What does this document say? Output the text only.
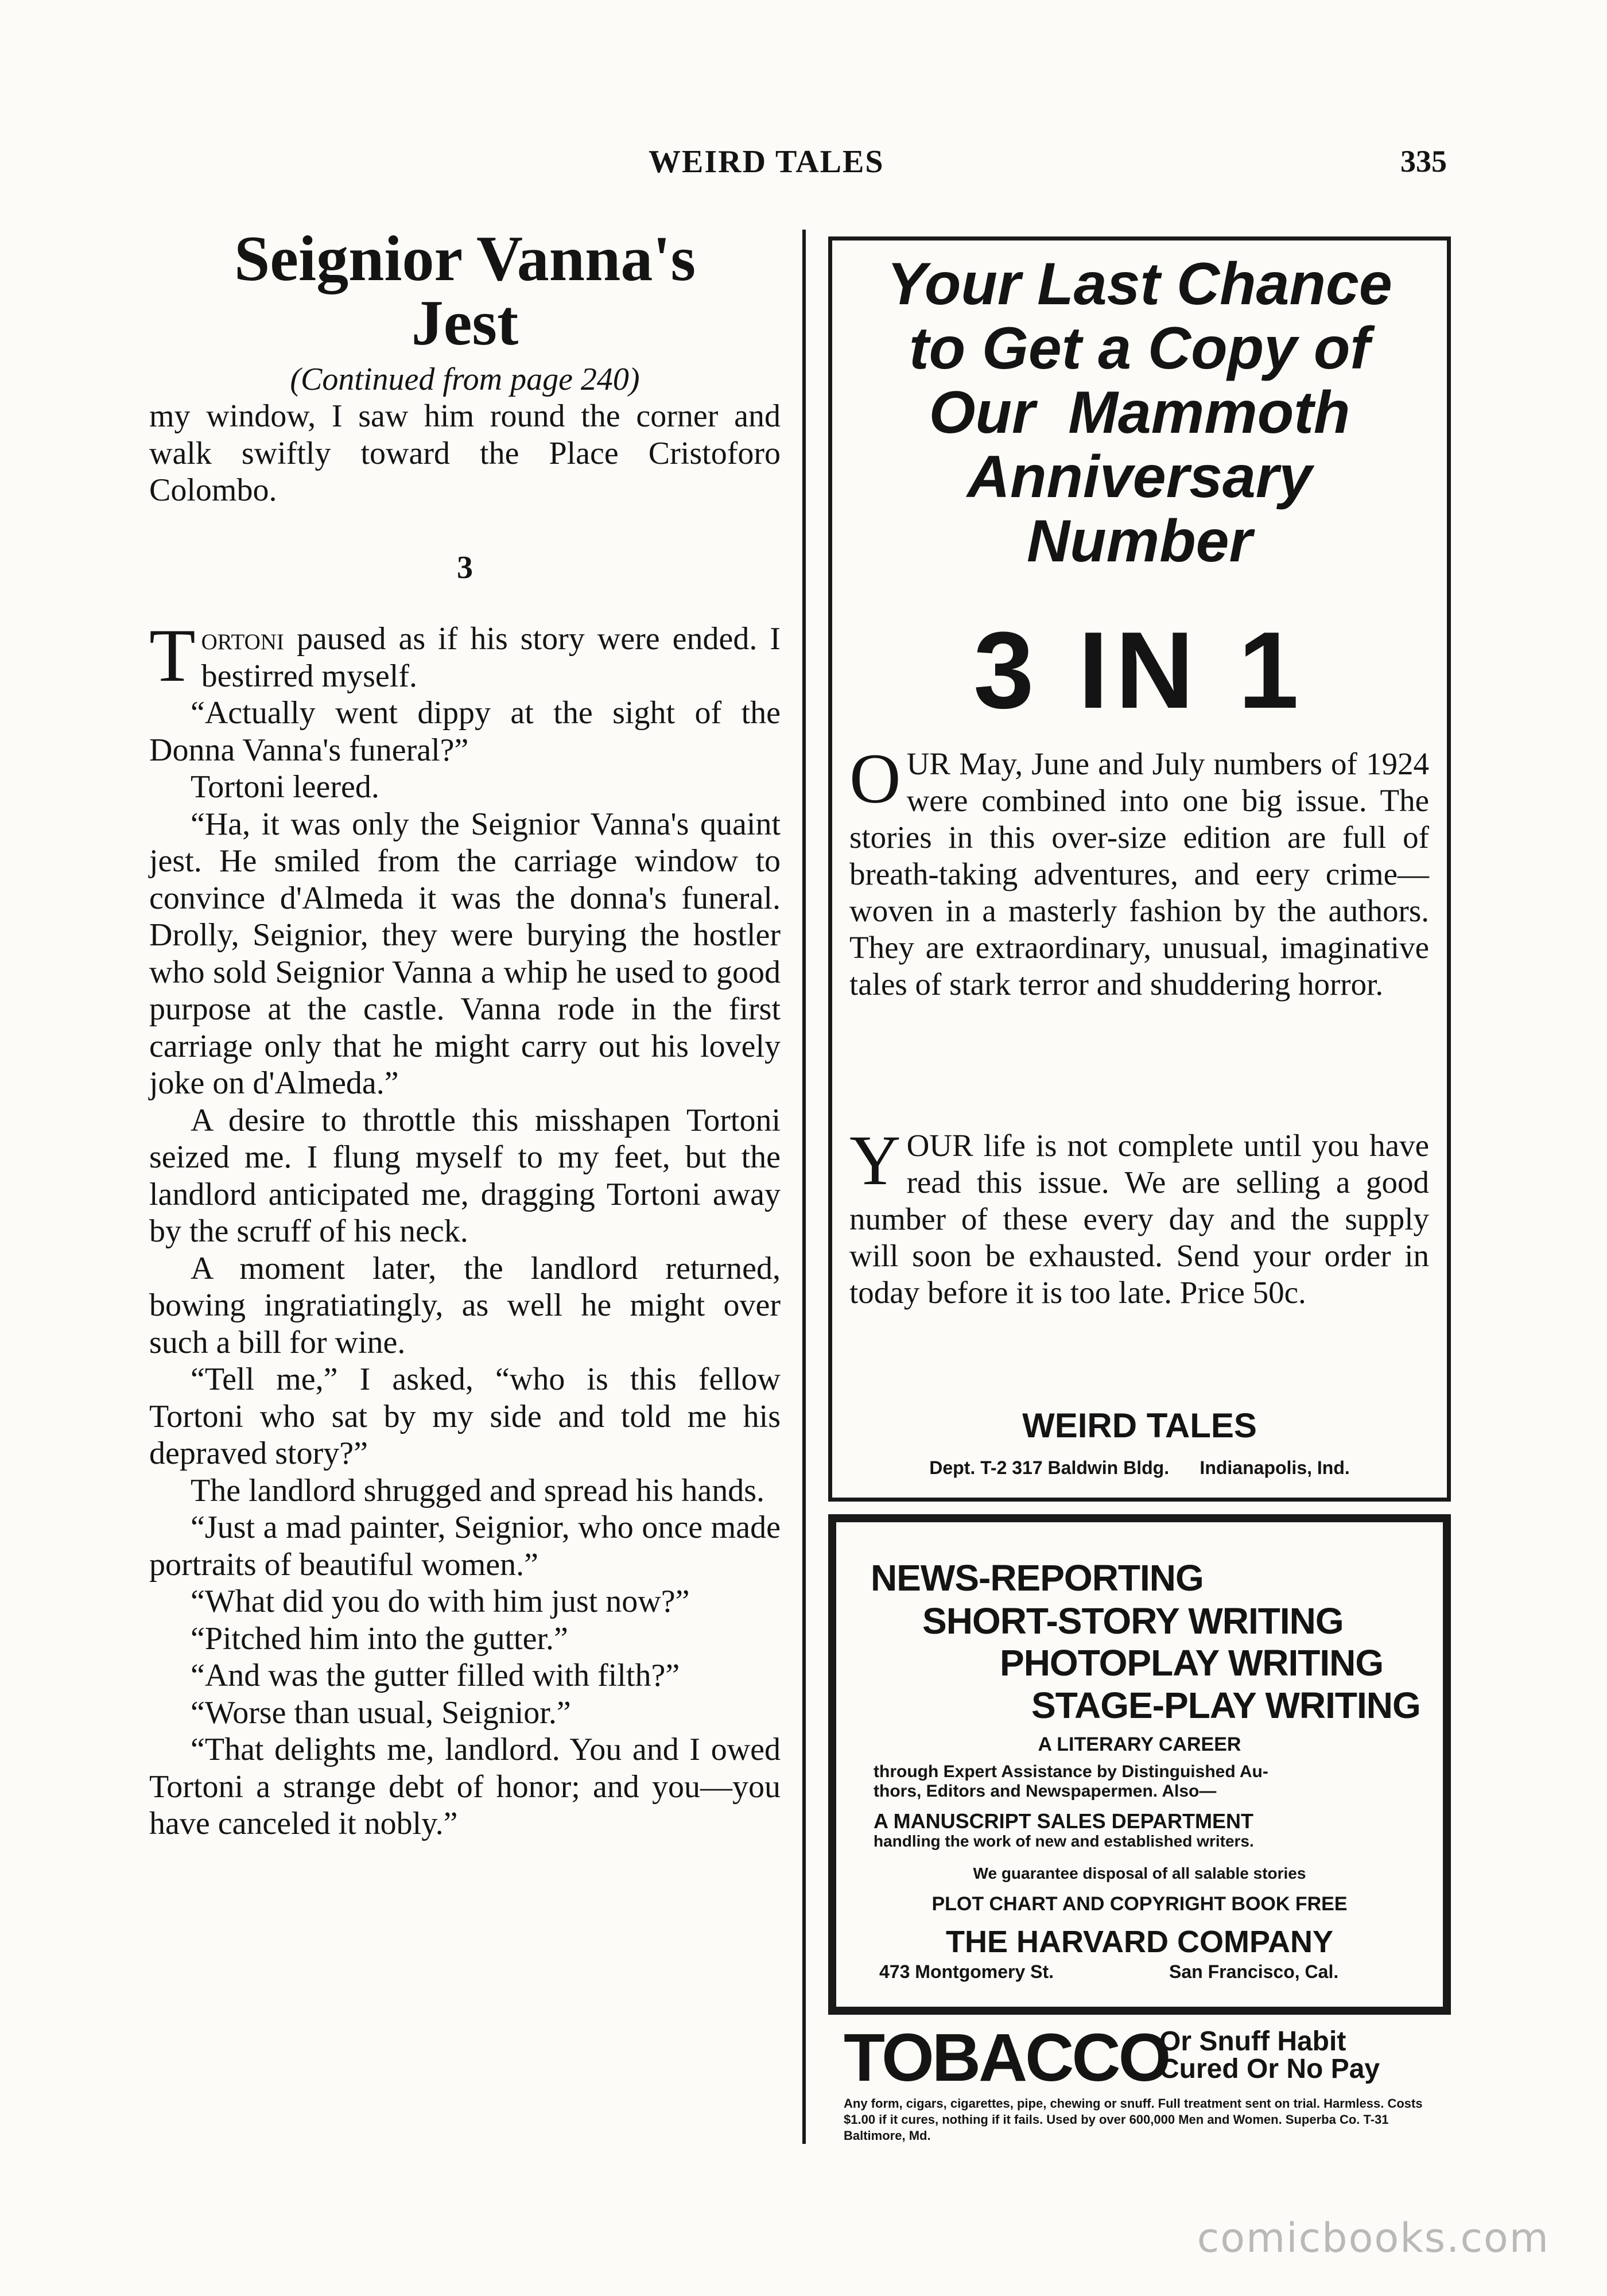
WEIRD TALES	335
Seignior Vanna's
Jest
(Continued from page 240)

my window, I saw him round the corner and walk swiftly toward the Place Cristoforo Colombo.

3

Tortoni paused as if his story were ended. I bestirred myself.

“Actually went dippy at the sight of the Donna Vanna's funeral?”

Tortoni leered.

“Ha, it was only the Seignior Vanna's quaint jest. He smiled from the carriage window to convince d'Almeda it was the donna's funeral. Drolly, Seignior, they were burying the hostler who sold Seignior Vanna a whip he used to good purpose at the castle. Vanna rode in the first carriage only that he might carry out his lovely joke on d'Almeda.”

A desire to throttle this misshapen Tortoni seized me. I flung myself to my feet, but the landlord anticipated me, dragging Tortoni away by the scruff of his neck.

A moment later, the landlord returned, bowing ingratiatingly, as well he might over such a bill for wine.

“Tell me,” I asked, “who is this fellow Tortoni who sat by my side and told me his depraved story?”

The landlord shrugged and spread his hands.

“Just a mad painter, Seignior, who once made portraits of beautiful women.”

“What did you do with him just now?”

“Pitched him into the gutter.”

“And was the gutter filled with filth?”

“Worse than usual, Seignior.”

“That delights me, landlord. You and I owed Tortoni a strange debt of honor; and you—you have canceled it nobly.”

Your Last Chance
to Get a Copy of
Our  Mammoth
Anniversary
Number
3 IN 1

OUR May, June and July numbers of 1924 were combined into one big issue. The stories in this over-size edition are full of breath-taking adventures, and eery crime—woven in a masterly fashion by the authors. They are extraordinary, unusual, imaginative tales of stark terror and shuddering horror.

YOUR life is not complete until you have read this issue. We are selling a good number of these every day and the supply will soon be exhausted. Send your order in today before it is too late. Price 50c.

WEIRD TALES
Dept. T-2 317 Baldwin Bldg.      Indianapolis, Ind.
NEWS-REPORTING
SHORT-STORY WRITING
PHOTOPLAY WRITING
STAGE-PLAY WRITING
A LITERARY CAREER
through Expert Assistance by Distinguished Au-
thors, Editors and Newspapermen. Also—
A MANUSCRIPT SALES DEPARTMENT
handling the work of new and established writers.
We guarantee disposal of all salable stories
PLOT CHART AND COPYRIGHT BOOK FREE
THE HARVARD COMPANY
473 Montgomery St.	San Francisco, Cal.
TOBACCO
Or Snuff Habit
Cured Or No Pay
Any form, cigars, cigarettes, pipe, chewing or snuff. Full treatment sent on trial. Harmless. Costs $1.00 if it cures, nothing if it fails. Used by over 600,000 Men and Women. Superba Co. T-31 Baltimore, Md.
comicbooks.com
